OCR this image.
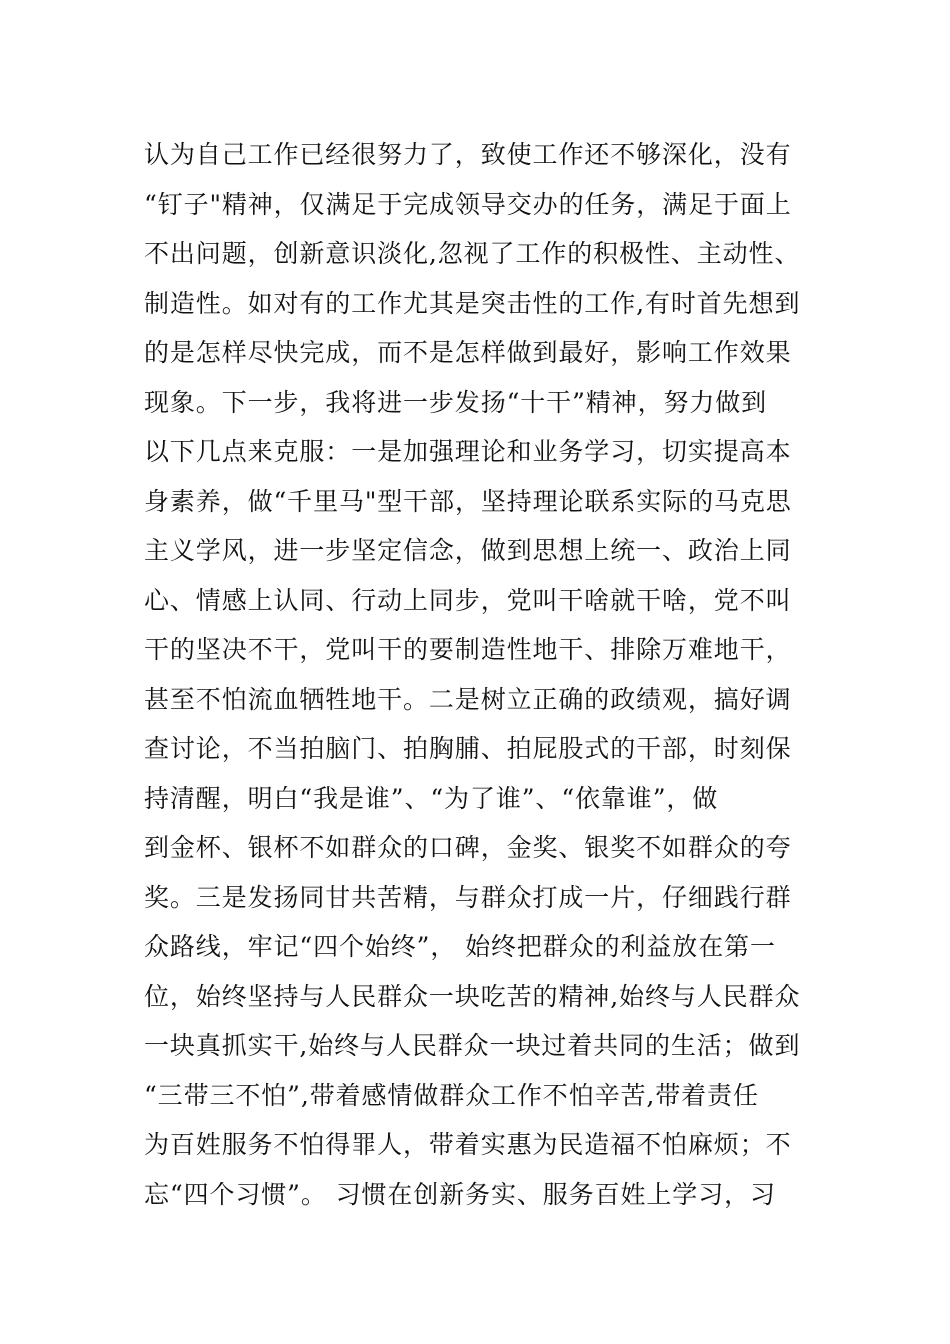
认为自己工作已经很努力了，致使工作还不够深化，没有
“钉子"精神，仅满足于完成领导交办的任务，满足于面上
不出问题，创新意识淡化,忽视了工作的积极性、主动性、
制造性。如对有的工作尤其是突击性的工作,有时首先想到
的是怎样尽快完成，而不是怎样做到最好，影响工作效果
现象。下一步，我将进一步发扬“十干”精神，努力做到
以下几点来克服：一是加强理论和业务学习，切实提高本
身素养，做“千里马"型干部，坚持理论联系实际的马克思
主义学风，进一步坚定信念，做到思想上统一、政治上同
心、情感上认同、行动上同步，党叫干啥就干啥，党不叫
干的坚决不干，党叫干的要制造性地干、排除万难地干，
甚至不怕流血牺牲地干。二是树立正确的政绩观，搞好调
查讨论，不当拍脑门、拍胸脯、拍屁股式的干部，时刻保
持清醒，明白“我是谁”、“为了谁”、“依靠谁”，做
到金杯、银杯不如群众的口碑，金奖、银奖不如群众的夸
奖。三是发扬同甘共苦精，与群众打成一片，仔细践行群
众路线，牢记“四个始终”， 始终把群众的利益放在第一
位，始终坚持与人民群众一块吃苦的精神,始终与人民群众
一块真抓实干,始终与人民群众一块过着共同的生活；做到
“三带三不怕”,带着感情做群众工作不怕辛苦,带着责任
为百姓服务不怕得罪人，带着实惠为民造福不怕麻烦；不
忘“四个习惯”。 习惯在创新务实、服务百姓上学习，习
